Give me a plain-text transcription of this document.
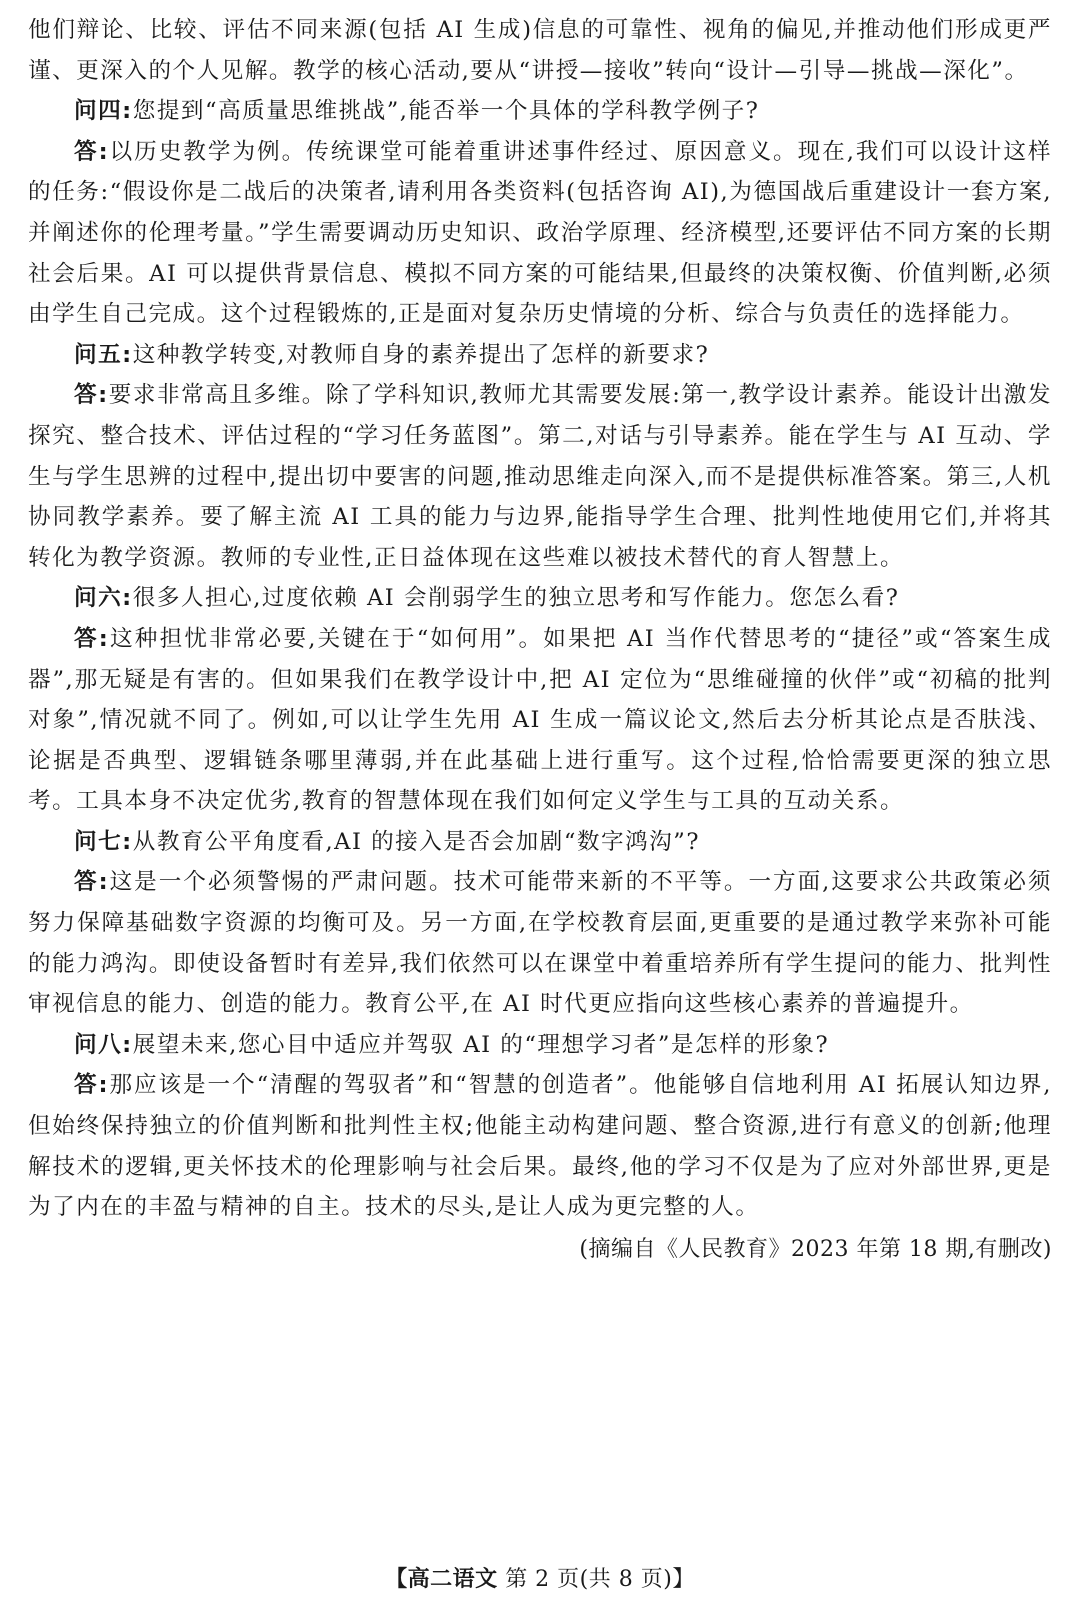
他们辩论、比较、评估不同来源(包括 AI 生成)信息的可靠性、视角的偏见,并推动他们形成更严谨、更深入的个人见解。教学的核心活动,要从“讲授—接收”转向“设计—引导—挑战—深化”。

问四:您提到“高质量思维挑战”,能否举一个具体的学科教学例子?

答:以历史教学为例。传统课堂可能着重讲述事件经过、原因意义。现在,我们可以设计这样的任务:“假设你是二战后的决策者,请利用各类资料(包括咨询 AI),为德国战后重建设计一套方案,并阐述你的伦理考量。”学生需要调动历史知识、政治学原理、经济模型,还要评估不同方案的长期社会后果。AI 可以提供背景信息、模拟不同方案的可能结果,但最终的决策权衡、价值判断,必须由学生自己完成。这个过程锻炼的,正是面对复杂历史情境的分析、综合与负责任的选择能力。

问五:这种教学转变,对教师自身的素养提出了怎样的新要求?

答:要求非常高且多维。除了学科知识,教师尤其需要发展:第一,教学设计素养。能设计出激发探究、整合技术、评估过程的“学习任务蓝图”。第二,对话与引导素养。能在学生与 AI 互动、学生与学生思辨的过程中,提出切中要害的问题,推动思维走向深入,而不是提供标准答案。第三,人机协同教学素养。要了解主流 AI 工具的能力与边界,能指导学生合理、批判性地使用它们,并将其转化为教学资源。教师的专业性,正日益体现在这些难以被技术替代的育人智慧上。

问六:很多人担心,过度依赖 AI 会削弱学生的独立思考和写作能力。您怎么看?

答:这种担忧非常必要,关键在于“如何用”。如果把 AI 当作代替思考的“捷径”或“答案生成器”,那无疑是有害的。但如果我们在教学设计中,把 AI 定位为“思维碰撞的伙伴”或“初稿的批判对象”,情况就不同了。例如,可以让学生先用 AI 生成一篇议论文,然后去分析其论点是否肤浅、论据是否典型、逻辑链条哪里薄弱,并在此基础上进行重写。这个过程,恰恰需要更深的独立思考。工具本身不决定优劣,教育的智慧体现在我们如何定义学生与工具的互动关系。

问七:从教育公平角度看,AI 的接入是否会加剧“数字鸿沟”?

答:这是一个必须警惕的严肃问题。技术可能带来新的不平等。一方面,这要求公共政策必须努力保障基础数字资源的均衡可及。另一方面,在学校教育层面,更重要的是通过教学来弥补可能的能力鸿沟。即使设备暂时有差异,我们依然可以在课堂中着重培养所有学生提问的能力、批判性审视信息的能力、创造的能力。教育公平,在 AI 时代更应指向这些核心素养的普遍提升。

问八:展望未来,您心目中适应并驾驭 AI 的“理想学习者”是怎样的形象?

答:那应该是一个“清醒的驾驭者”和“智慧的创造者”。他能够自信地利用 AI 拓展认知边界,但始终保持独立的价值判断和批判性主权;他能主动构建问题、整合资源,进行有意义的创新;他理解技术的逻辑,更关怀技术的伦理影响与社会后果。最终,他的学习不仅是为了应对外部世界,更是为了内在的丰盈与精神的自主。技术的尽头,是让人成为更完整的人。

(摘编自《人民教育》2023 年第 18 期,有删改)

【高二语文 第 2 页(共 8 页)】
